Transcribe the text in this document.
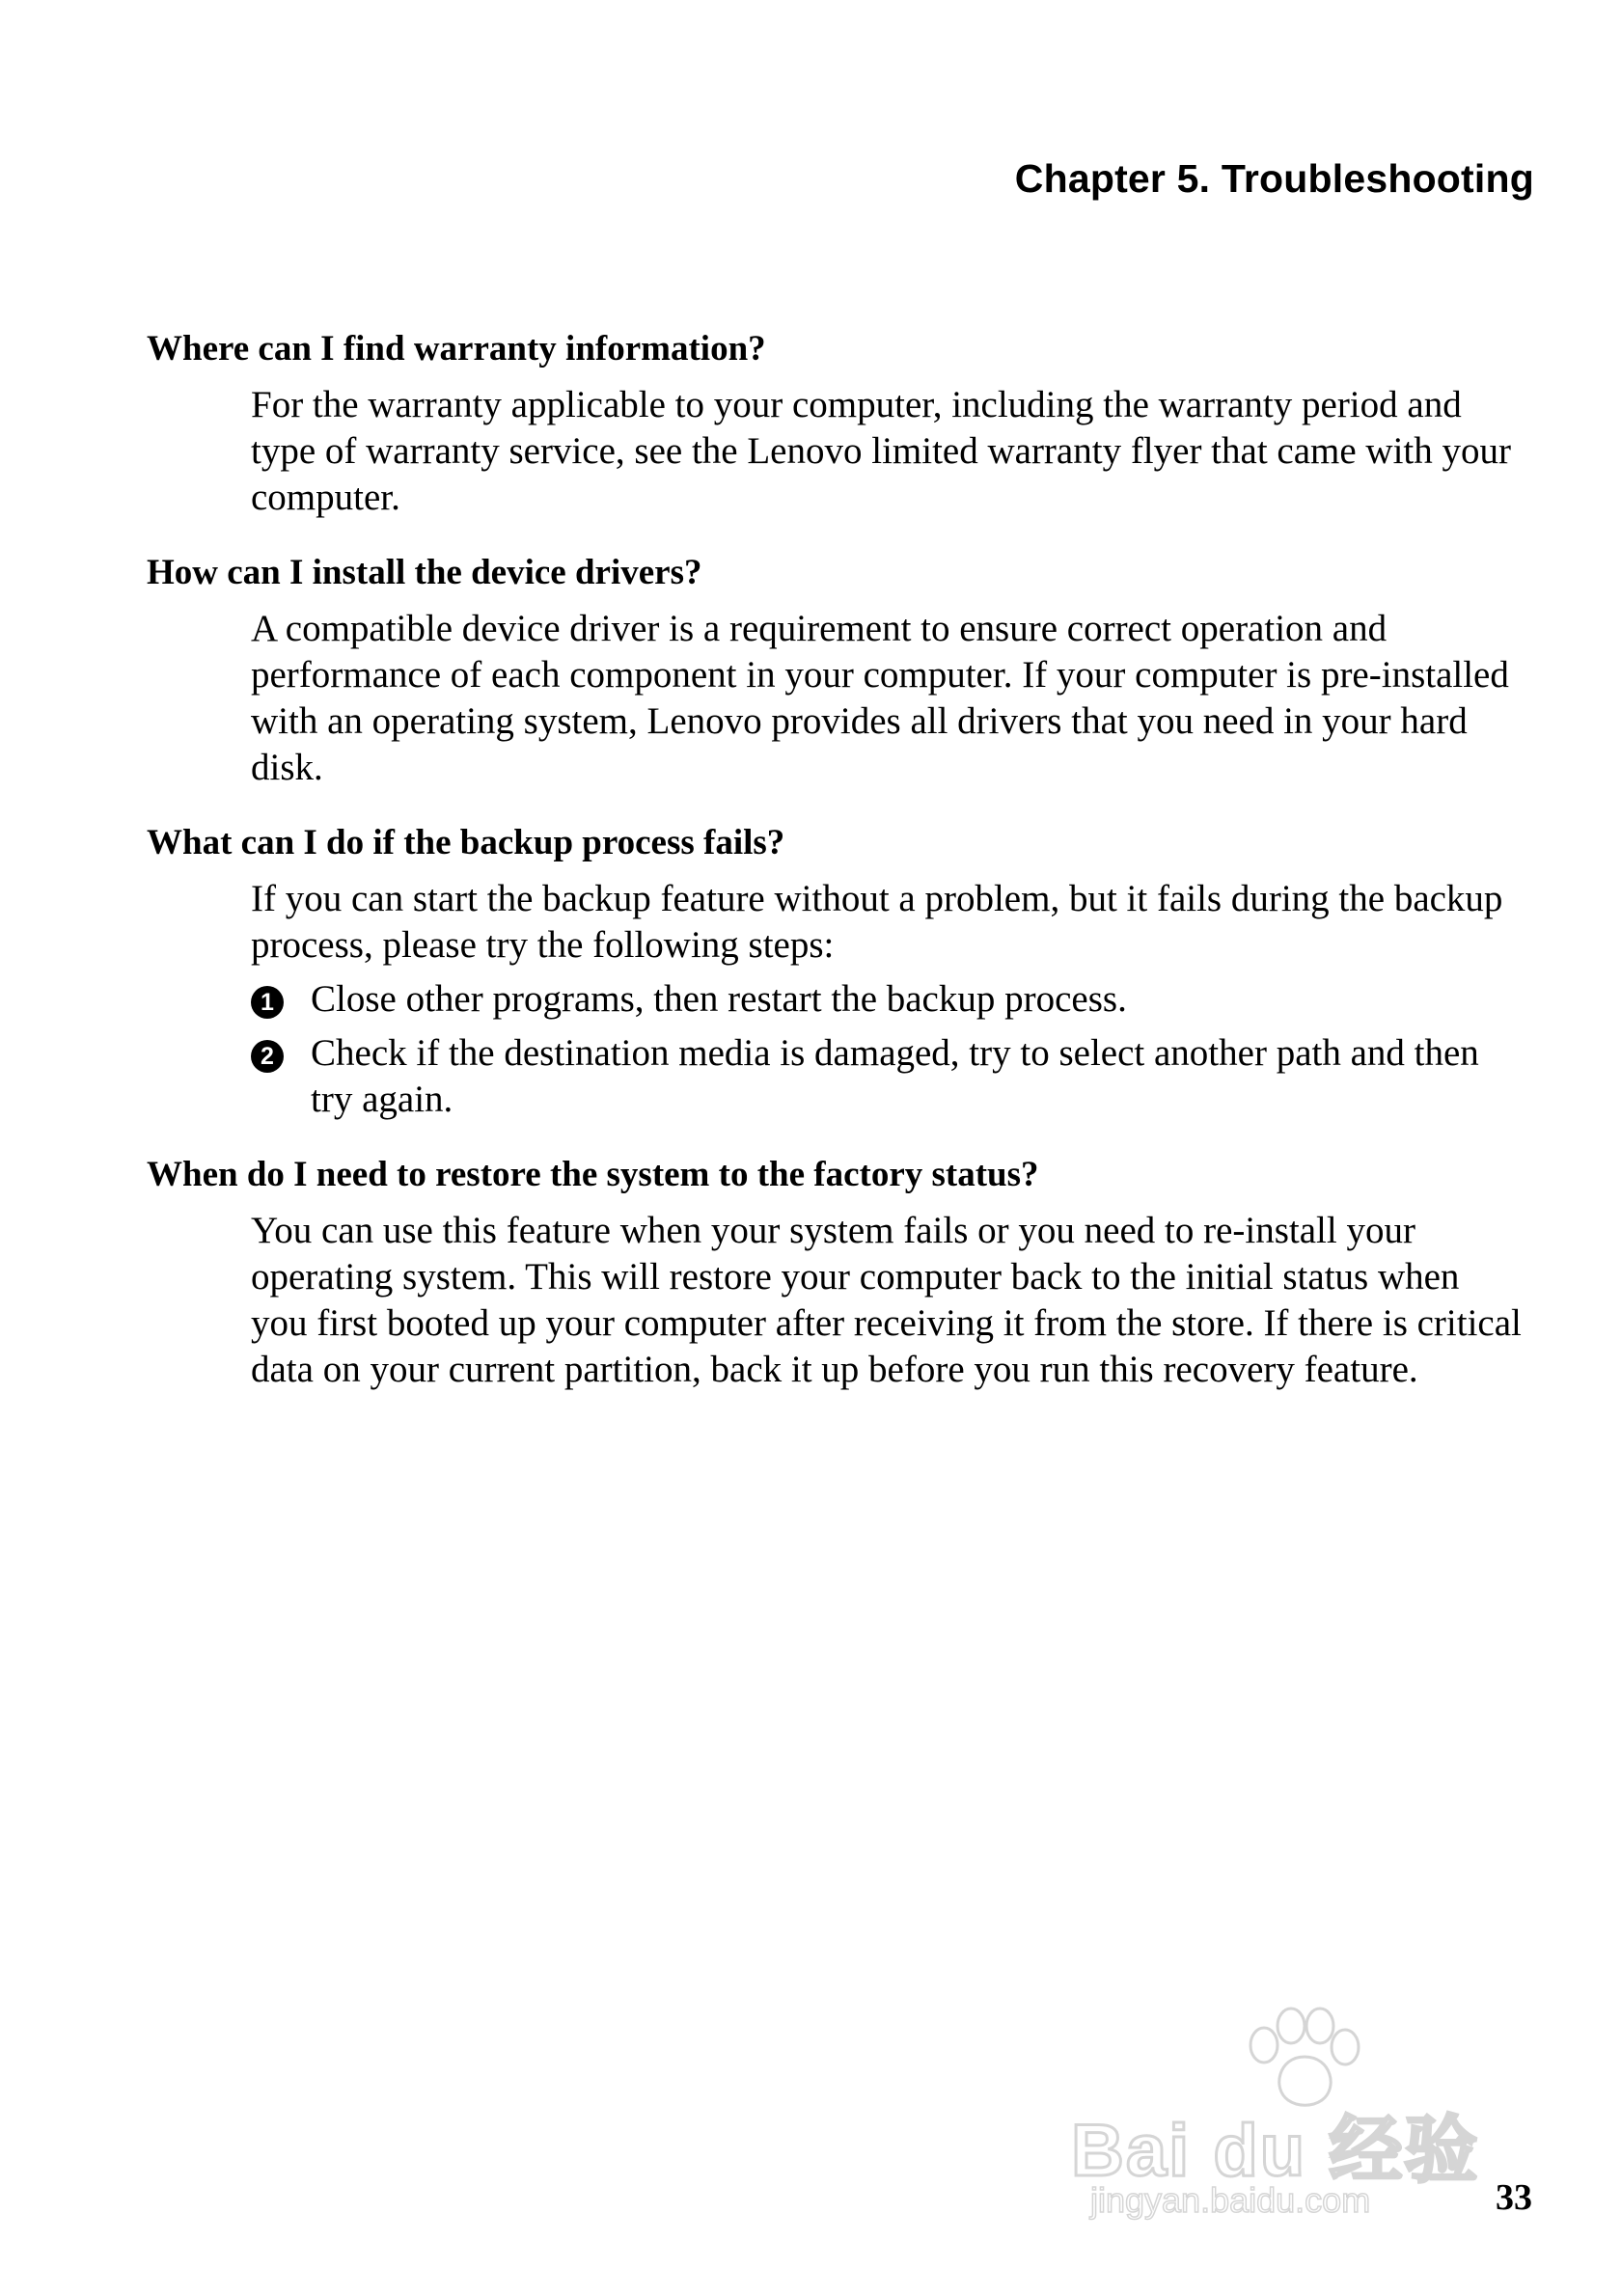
Chapter 5. Troubleshooting
Where can I find warranty information?

For the warranty applicable to your computer, including the warranty period and type of warranty service, see the Lenovo limited warranty flyer that came with your computer.

How can I install the device drivers?

A compatible device driver is a requirement to ensure correct operation and performance of each component in your computer. If your computer is pre-installed with an operating system, Lenovo provides all drivers that you need in your hard disk.

What can I do if the backup process fails?

If you can start the backup feature without a problem, but it fails during the backup process, please try the following steps:

1 Close other programs, then restart the backup process.
2 Check if the destination media is damaged, try to select another path and then try again.
When do I need to restore the system to the factory status?

You can use this feature when your system fails or you need to re-install your operating system. This will restore your computer back to the initial status when you first booted up your computer after receiving it from the store. If there is critical data on your current partition, back it up before you run this recovery feature.

Bai du 经验
jingyan.baidu.com	33
